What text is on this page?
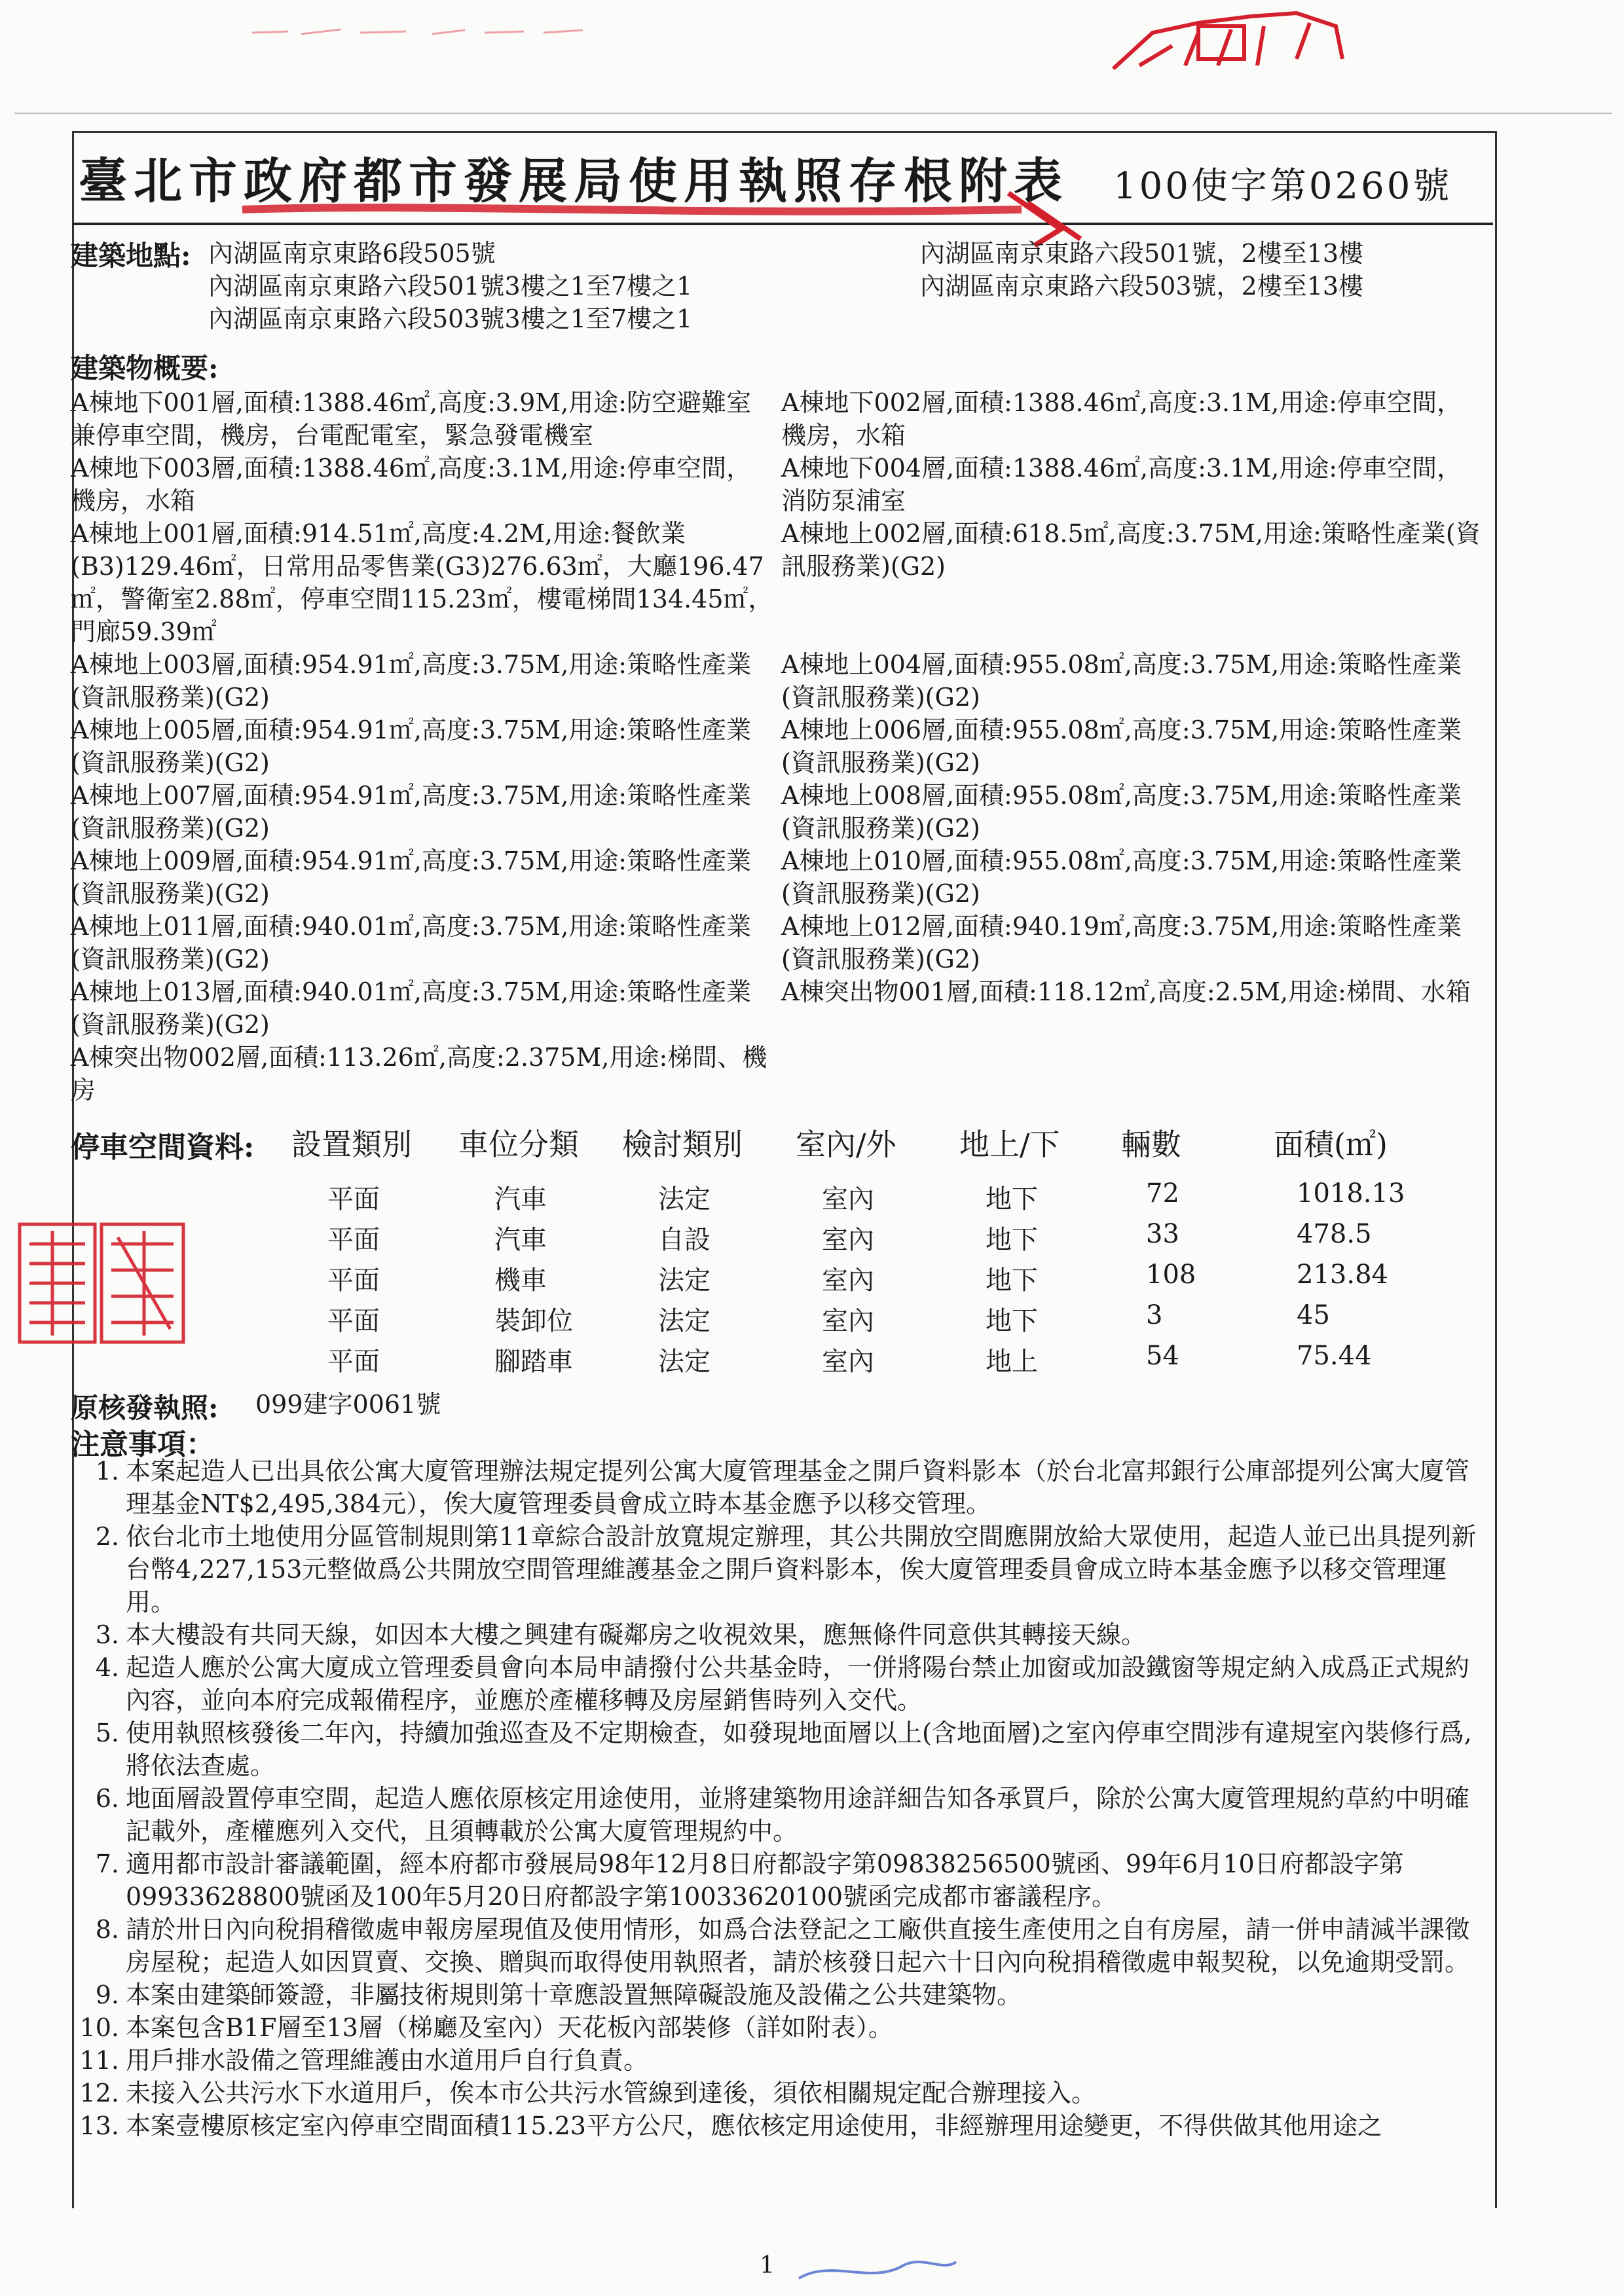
臺北市政府都市發展局使用執照存根附表 100使字第0260號
建築地點: 內湖區南京東路6段505號
內湖區南京東路六段501號3樓之1至7樓之1
內湖區南京東路六段503號3樓之1至7樓之1
內湖區南京東路六段501號，2樓至13樓
內湖區南京東路六段503號，2樓至13樓
建築物概要:
A棟地下001層,面積:1388.46㎡,高度:3.9M,用途:防空避難室兼停車空間，機房，台電配電室，緊急發電機室
A棟地下002層,面積:1388.46㎡,高度:3.1M,用途:停車空間，機房，水箱
A棟地下003層,面積:1388.46㎡,高度:3.1M,用途:停車空間，機房，水箱
A棟地下004層,面積:1388.46㎡,高度:3.1M,用途:停車空間，消防泵浦室
A棟地上001層,面積:914.51㎡,高度:4.2M,用途:餐飲業(B3)129.46㎡，日常用品零售業(G3)276.63㎡，大廳196.47㎡，警衛室2.88㎡，停車空間115.23㎡，樓電梯間134.45㎡，門廊59.39㎡
A棟地上002層,面積:618.5㎡,高度:3.75M,用途:策略性產業(資訊服務業)(G2)
A棟地上003層,面積:954.91㎡,高度:3.75M,用途:策略性產業(資訊服務業)(G2)
A棟地上004層,面積:955.08㎡,高度:3.75M,用途:策略性產業(資訊服務業)(G2)
A棟地上005層,面積:954.91㎡,高度:3.75M,用途:策略性產業(資訊服務業)(G2)
A棟地上006層,面積:955.08㎡,高度:3.75M,用途:策略性產業(資訊服務業)(G2)
A棟地上007層,面積:954.91㎡,高度:3.75M,用途:策略性產業(資訊服務業)(G2)
A棟地上008層,面積:955.08㎡,高度:3.75M,用途:策略性產業(資訊服務業)(G2)
A棟地上009層,面積:954.91㎡,高度:3.75M,用途:策略性產業(資訊服務業)(G2)
A棟地上010層,面積:955.08㎡,高度:3.75M,用途:策略性產業(資訊服務業)(G2)
A棟地上011層,面積:940.01㎡,高度:3.75M,用途:策略性產業(資訊服務業)(G2)
A棟地上012層,面積:940.19㎡,高度:3.75M,用途:策略性產業(資訊服務業)(G2)
A棟地上013層,面積:940.01㎡,高度:3.75M,用途:策略性產業(資訊服務業)(G2)
A棟突出物001層,面積:118.12㎡,高度:2.5M,用途:梯間、水箱
A棟突出物002層,面積:113.26㎡,高度:2.375M,用途:梯間、機房
停車空間資料: 設置類別 車位分類 檢討類別 室內/外 地上/下 輛數	面積(㎡)
平面	汽車	法定	室內	地下	72	1018.13
平面	汽車	自設	室內	地下	33	478.5
平面	機車	法定	室內	地下	108	213.84
平面	裝卸位	法定	室內	地下	3	45
平面	腳踏車	法定	室內	地上	54	75.44
原核發執照: 099建字0061號
注意事項：
1. 本案起造人已出具依公寓大廈管理辦法規定提列公寓大廈管理基金之開戶資料影本（於台北富邦銀行公庫部提列公寓大廈管理基金NT$2,495,384元），俟大廈管理委員會成立時本基金應予以移交管理。
2. 依台北市土地使用分區管制規則第11章綜合設計放寬規定辦理，其公共開放空間應開放給大眾使用，起造人並已出具提列新台幣4,227,153元整做爲公共開放空間管理維護基金之開戶資料影本，俟大廈管理委員會成立時本基金應予以移交管理運用。
3. 本大樓設有共同天線，如因本大樓之興建有礙鄰房之收視效果，應無條件同意供其轉接天線。
4. 起造人應於公寓大廈成立管理委員會向本局申請撥付公共基金時，一併將陽台禁止加窗或加設鐵窗等規定納入成爲正式規約內容，並向本府完成報備程序，並應於產權移轉及房屋銷售時列入交代。
5. 使用執照核發後二年內，持續加強巡查及不定期檢查，如發現地面層以上(含地面層)之室內停車空間涉有違規室內裝修行爲,將依法查處。
6. 地面層設置停車空間，起造人應依原核定用途使用，並將建築物用途詳細告知各承買戶，除於公寓大廈管理規約草約中明確記載外，產權應列入交代，且須轉載於公寓大廈管理規約中。
7. 適用都市設計審議範圍，經本府都市發展局98年12月8日府都設字第09838256500號函、99年6月10日府都設字第09933628800號函及100年5月20日府都設字第10033620100號函完成都市審議程序。
8. 請於卅日內向稅捐稽徵處申報房屋現值及使用情形，如爲合法登記之工廠供直接生產使用之自有房屋，請一併申請減半課徵房屋稅；起造人如因買賣、交換、贈與而取得使用執照者，請於核發日起六十日內向稅捐稽徵處申報契稅，以免逾期受罰。
9. 本案由建築師簽證，非屬技術規則第十章應設置無障礙設施及設備之公共建築物。
10. 本案包含B1F層至13層（梯廳及室內）天花板內部裝修（詳如附表）。
11. 用戶排水設備之管理維護由水道用戶自行負責。
12. 未接入公共污水下水道用戶，俟本市公共污水管線到達後，須依相關規定配合辦理接入。
13. 本案壹樓原核定室內停車空間面積115.23平方公尺，應依核定用途使用，非經辦理用途變更，不得供做其他用途之
1
